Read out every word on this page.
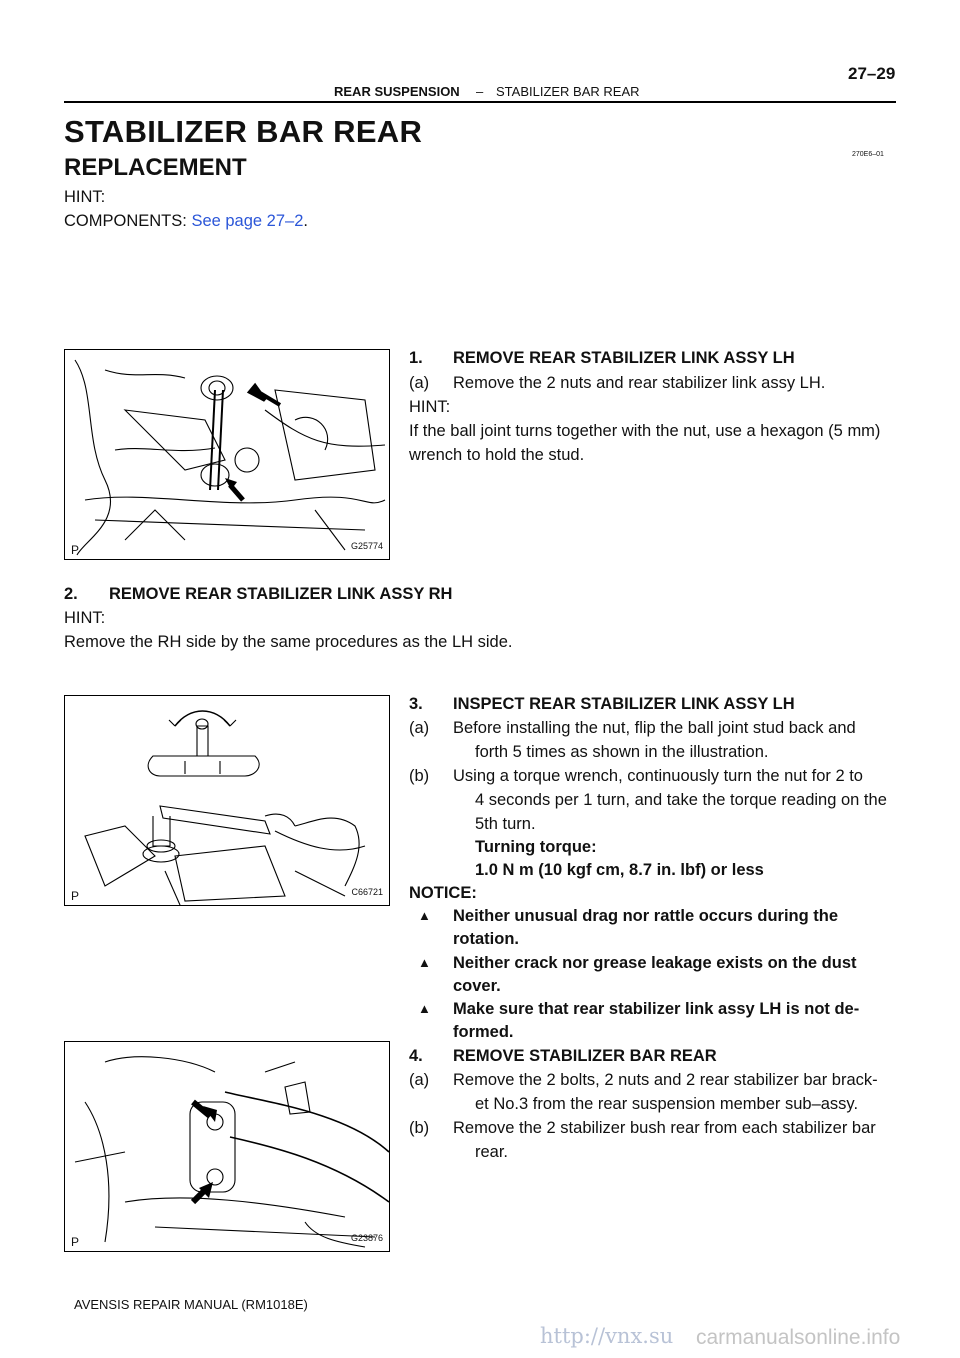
27–29
REAR SUSPENSION – STABILIZER BAR REAR
STABILIZER BAR REAR
REPLACEMENT	270E6–01
HINT:
COMPONENTS: See page 27–2.
P	G25774
1.	REMOVE REAR STABILIZER LINK ASSY LH
(a)	Remove the 2 nuts and rear stabilizer link assy LH.
HINT:
If the ball joint turns together with the nut, use a hexagon (5 mm)
wrench to hold the stud.
2.	REMOVE REAR STABILIZER LINK ASSY RH
HINT:
Remove the RH side by the same procedures as the LH side.
P	C66721
3.	INSPECT REAR STABILIZER LINK ASSY LH
(a)	Before installing the nut, flip the ball joint stud back and
forth 5 times as shown in the illustration.
(b)	Using a torque wrench, continuously turn the nut for 2 to
4 seconds per 1 turn, and take the torque reading on the
5th turn.
Turning torque:
1.0 N m (10 kgf cm, 8.7 in. lbf) or less
NOTICE:
▲ Neither unusual drag nor rattle occurs during the
rotation.
▲ Neither crack nor grease leakage exists on the dust
cover.
▲ Make sure that rear stabilizer link assy LH is not de-
formed.
4.	REMOVE STABILIZER BAR REAR
(a)	Remove the 2 bolts, 2 nuts and 2 rear stabilizer bar brack-
et No.3 from the rear suspension member sub–assy.
(b)	Remove the 2 stabilizer bush rear from each stabilizer bar
rear.
P	G23876
AVENSIS REPAIR MANUAL (RM1018E)
http://vnx.su carmanualsonline.info
